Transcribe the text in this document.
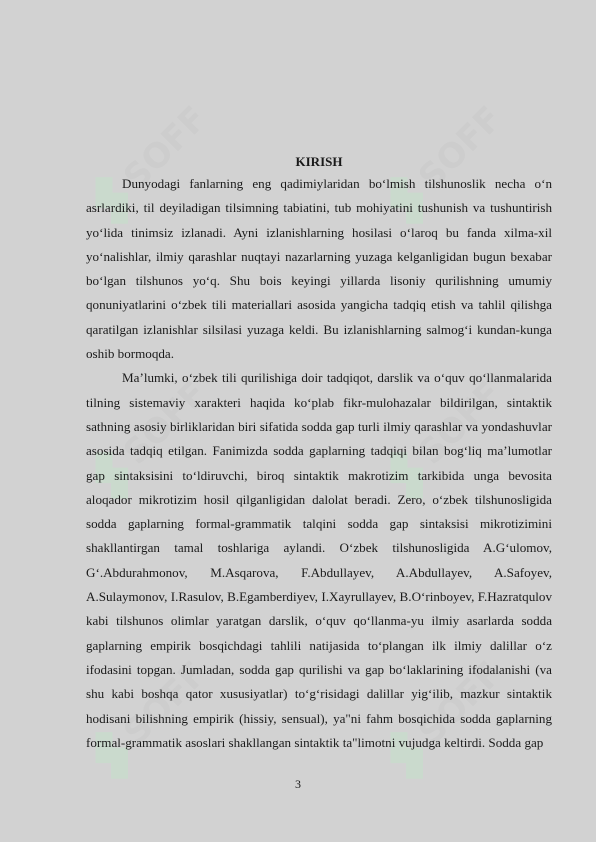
SOFF	SOFF
SOFF	SOFF
SOFF	SOFF
KIRISH

Dunyodagi fanlarning eng qadimiylaridan bo‘lmish tilshunoslik necha o‘n asrlardiki, til deyiladigan tilsimning tabiatini, tub mohiyatini tushunish va tushuntirish yo‘lida tinimsiz izlanadi. Ayni izlanishlarning hosilasi o‘laroq bu fanda xilma-xil yo‘nalishlar, ilmiy qarashlar nuqtayi nazarlarning yuzaga kelganligidan bugun bexabar bo‘lgan tilshunos yo‘q. Shu bois keyingi yillarda lisoniy qurilishning umumiy qonuniyatlarini o‘zbek tili materiallari asosida yangicha tadqiq etish va tahlil qilishga qaratilgan izlanishlar silsilasi yuzaga keldi. Bu izlanishlarning salmog‘i kundan-kunga oshib bormoqda.

Ma’lumki, o‘zbek tili qurilishiga doir tadqiqot, darslik va o‘quv qo‘llanmalarida tilning sistemaviy xarakteri haqida ko‘plab fikr-mulohazalar bildirilgan, sintaktik sathning asosiy birliklaridan biri sifatida sodda gap turli ilmiy qarashlar va yondashuvlar asosida tadqiq etilgan. Fanimizda sodda gaplarning tadqiqi bilan bog‘liq ma’lumotlar gap sintaksisini to‘ldiruvchi, biroq sintaktik makrotizim tarkibida unga bevosita aloqador mikrotizim hosil qilganligidan dalolat beradi. Zero, o‘zbek tilshunosligida sodda gaplarning formal-grammatik talqini sodda gap sintaksisi mikrotizimini shakllantirgan tamal toshlariga aylandi. O‘zbek tilshunosligida A.G‘ulomov, G‘.Abdurahmonov, M.Asqarova, F.Abdullayev, A.Abdullayev, A.Safoyev, A.Sulaymonov, I.Rasulov, B.Egamberdiyev, I.Xayrullayev, B.O‘rinboyev, F.Hazratqulov kabi tilshunos olimlar yaratgan darslik, o‘quv qo‘llanma-yu ilmiy asarlarda sodda gaplarning empirik bosqichdagi tahlili natijasida to‘plangan ilk ilmiy dalillar o‘z ifodasini topgan. Jumladan, sodda gap qurilishi va gap bo‘laklarining ifodalanishi (va shu kabi boshqa qator xususiyatlar) to‘g‘risidagi dalillar yig‘ilib, mazkur sintaktik hodisani bilishning empirik (hissiy, sensual), ya"ni fahm bosqichida sodda gaplarning formal-grammatik asoslari shakllangan sintaktik ta"limotni vujudga keltirdi. Sodda gap

3
